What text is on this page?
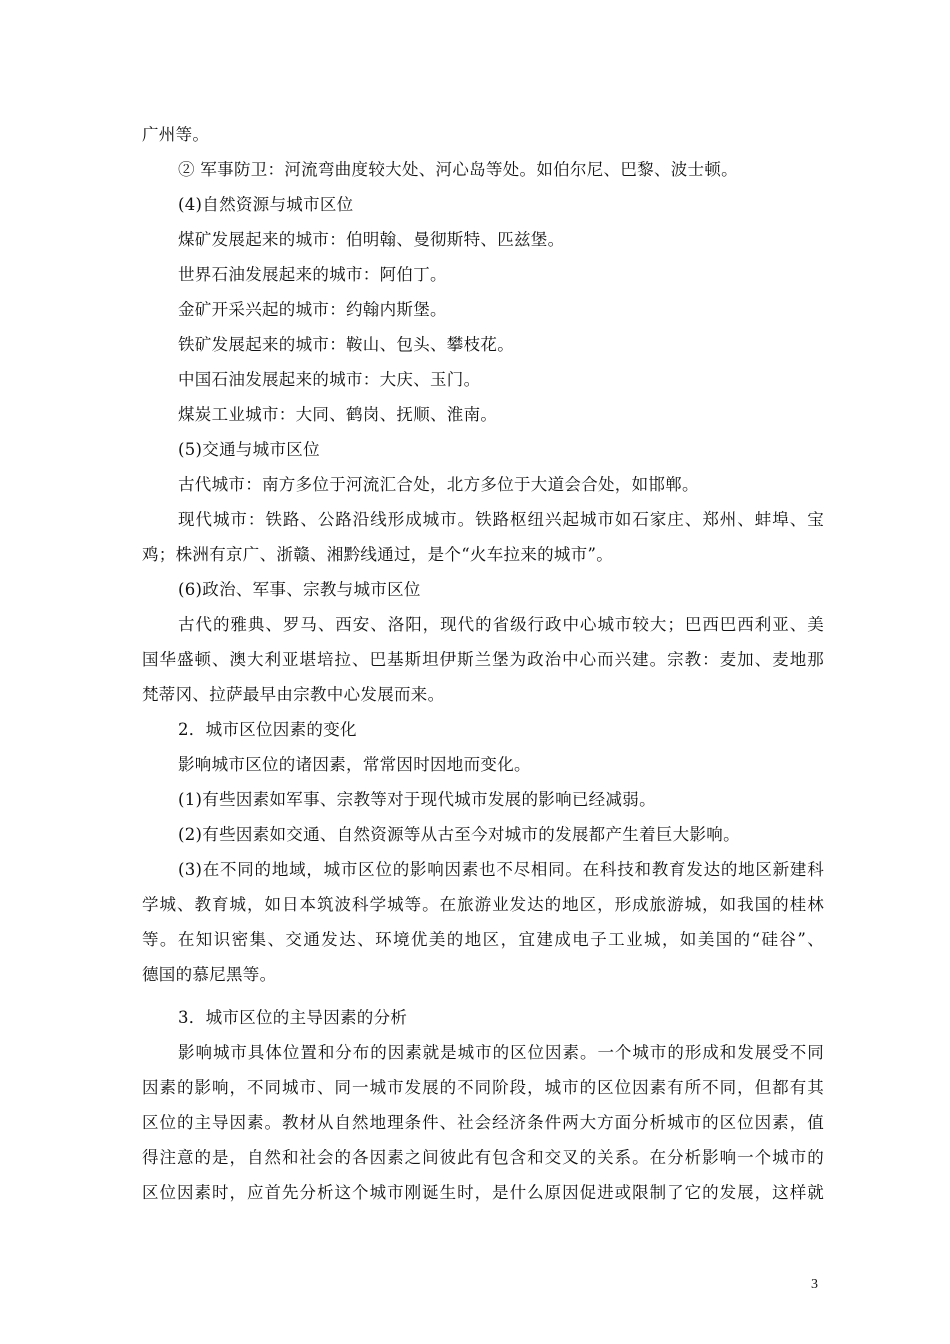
广州等。
② 军事防卫：河流弯曲度较大处、河心岛等处。如伯尔尼、巴黎、波士顿。
(4)自然资源与城市区位
煤矿发展起来的城市：伯明翰、曼彻斯特、匹兹堡。
世界石油发展起来的城市：阿伯丁。
金矿开采兴起的城市：约翰内斯堡。
铁矿发展起来的城市：鞍山、包头、攀枝花。
中国石油发展起来的城市：大庆、玉门。
煤炭工业城市：大同、鹤岗、抚顺、淮南。
(5)交通与城市区位
古代城市：南方多位于河流汇合处，北方多位于大道会合处，如邯郸。
现代城市：铁路、公路沿线形成城市。铁路枢纽兴起城市如石家庄、郑州、蚌埠、宝
鸡；株洲有京广、浙赣、湘黔线通过，是个“火车拉来的城市”。
(6)政治、军事、宗教与城市区位
古代的雅典、罗马、西安、洛阳，现代的省级行政中心城市较大；巴西巴西利亚、美
国华盛顿、澳大利亚堪培拉、巴基斯坦伊斯兰堡为政治中心而兴建。宗教：麦加、麦地那
梵蒂冈、拉萨最早由宗教中心发展而来。
2．城市区位因素的变化
影响城市区位的诸因素，常常因时因地而变化。
(1)有些因素如军事、宗教等对于现代城市发展的影响已经减弱。
(2)有些因素如交通、自然资源等从古至今对城市的发展都产生着巨大影响。
(3)在不同的地域，城市区位的影响因素也不尽相同。在科技和教育发达的地区新建科
学城、教育城，如日本筑波科学城等。在旅游业发达的地区，形成旅游城，如我国的桂林
等。在知识密集、交通发达、环境优美的地区，宜建成电子工业城，如美国的“硅谷”、
德国的慕尼黑等。
3．城市区位的主导因素的分析
影响城市具体位置和分布的因素就是城市的区位因素。一个城市的形成和发展受不同
因素的影响，不同城市、同一城市发展的不同阶段，城市的区位因素有所不同，但都有其
区位的主导因素。教材从自然地理条件、社会经济条件两大方面分析城市的区位因素，值
得注意的是，自然和社会的各因素之间彼此有包含和交叉的关系。在分析影响一个城市的
区位因素时，应首先分析这个城市刚诞生时，是什么原因促进或限制了它的发展，这样就
3
